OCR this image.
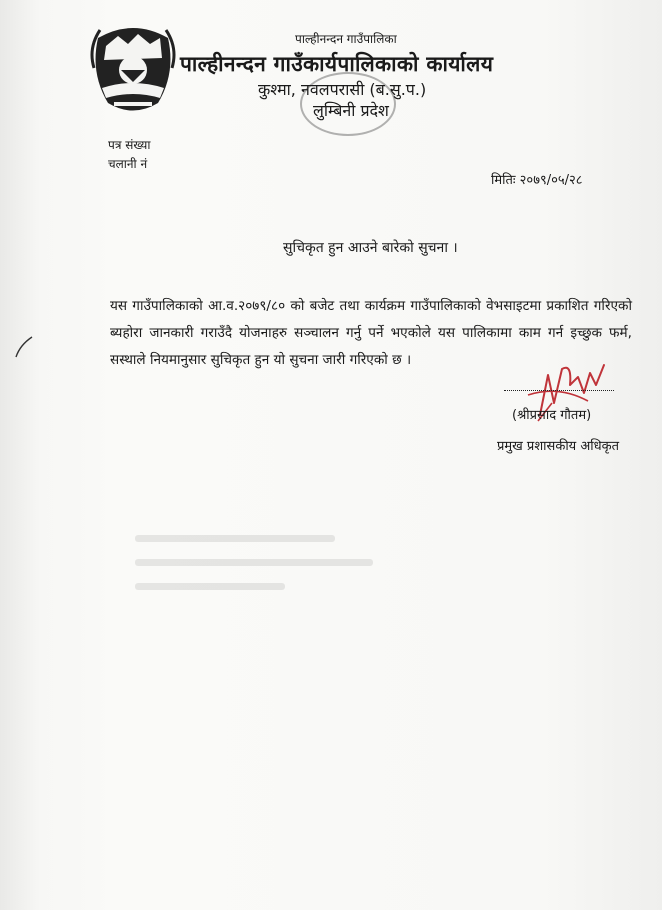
पाल्हीनन्दन गाउँपालिका
पाल्हीनन्दन गाउँकार्यपालिकाको कार्यालय
कुश्मा, नवलपरासी (ब.सु.प.)
लुम्बिनी प्रदेश
पत्र संख्या
चलानी नं
मितिः २०७९/०५/२८
सुचिकृत हुन आउने बारेको सुचना ।
यस गाउँपालिकाको आ.व.२०७९/८० को बजेट तथा कार्यक्रम गाउँपालिकाको वेभसाइटमा प्रकाशित गरिएको ब्यहोरा जानकारी गराउँदै योजनाहरु सञ्चालन गर्नु पर्ने भएकोले यस पालिकामा काम गर्न इच्छुक फर्म, सस्थाले नियमानुसार सुचिकृत हुन यो सुचना जारी गरिएको छ ।
(श्रीप्रसाद गौतम)
प्रमुख प्रशासकीय अधिकृत
